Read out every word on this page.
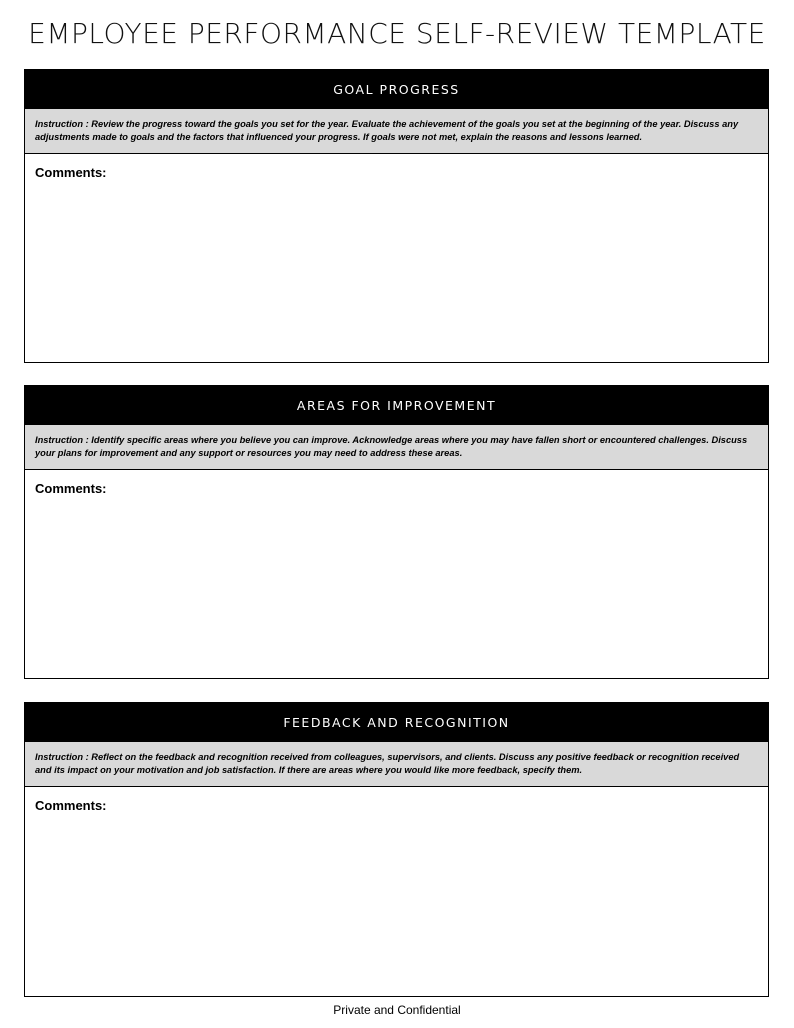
EMPLOYEE PERFORMANCE SELF-REVIEW TEMPLATE
GOAL PROGRESS
Instruction : Review the progress toward the goals you set for the year. Evaluate the achievement of the goals you set at the beginning of the year. Discuss any adjustments made to goals and the factors that influenced your progress. If goals were not met, explain the reasons and lessons learned.
Comments:
AREAS FOR IMPROVEMENT
Instruction : Identify specific areas where you believe you can improve. Acknowledge areas where you may have fallen short or encountered challenges. Discuss your plans for improvement and any support or resources you may need to address these areas.
Comments:
FEEDBACK AND RECOGNITION
Instruction : Reflect on the feedback and recognition received from colleagues, supervisors, and clients. Discuss any positive feedback or recognition received and its impact on your motivation and job satisfaction. If there are areas where you would like more feedback, specify them.
Comments:
Private and Confidential
